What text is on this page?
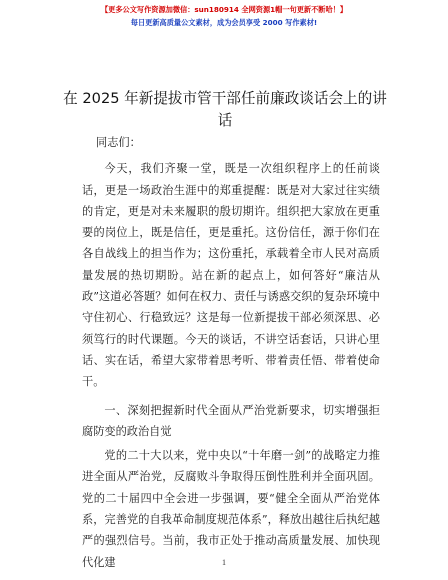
【更多公文写作资源加微信：sun180914 全网资源1帽一句更新不断哈！】
每日更新高质量公文素材，成为会员享受 2000 写作素材!
在 2025 年新提拔市管干部任前廉政谈话会上的讲话

同志们：

今天，我们齐聚一堂，既是一次组织程序上的任前谈话，更是一场政治生涯中的郑重提醒：既是对大家过往实绩的肯定，更是对未来履职的殷切期许。组织把大家放在更重要的岗位上，既是信任，更是重托。这份信任，源于你们在各自战线上的担当作为；这份重托，承载着全市人民对高质量发展的热切期盼。站在新的起点上，如何答好“廉洁从政”这道必答题？如何在权力、责任与诱惑交织的复杂环境中守住初心、行稳致远？这是每一位新提拔干部必须深思、必须笃行的时代课题。今天的谈话，不讲空话套话，只讲心里话、实在话，希望大家带着思考听、带着责任悟、带着使命干。

一、深刻把握新时代全面从严治党新要求，切实增强拒腐防变的政治自觉

党的二十大以来，党中央以“十年磨一剑”的战略定力推进全面从严治党，反腐败斗争取得压倒性胜利并全面巩固。党的二十届四中全会进一步强调，要“健全全面从严治党体系，完善党的自我革命制度规范体系”，释放出越往后执纪越严的强烈信号。当前，我市正处于推动高质量发展、加快现代化建	1
